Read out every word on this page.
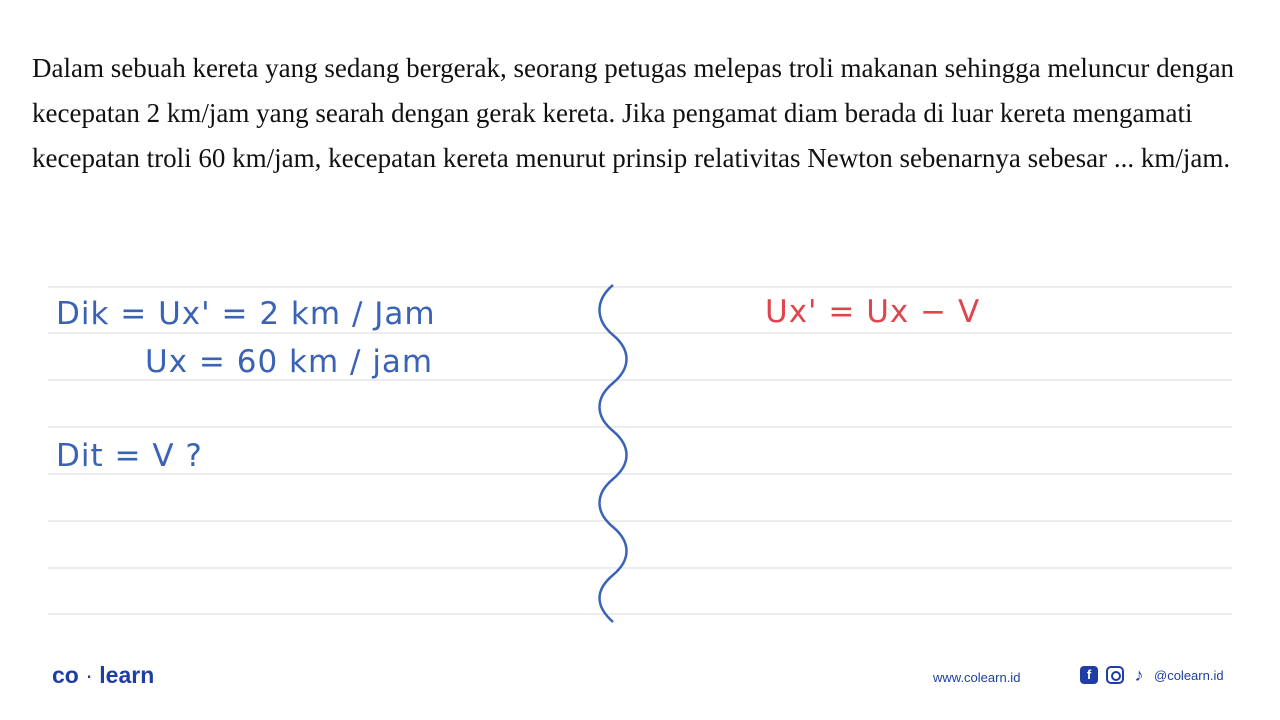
Dalam sebuah kereta yang sedang bergerak, seorang petugas melepas troli makanan sehingga meluncur dengan kecepatan 2 km/jam yang searah dengan gerak kereta. Jika pengamat diam berada di luar kereta mengamati kecepatan troli 60 km/jam, kecepatan kereta menurut prinsip relativitas Newton sebenarnya sebesar ... km/jam.

Dik = Ux' = 2 km / Jam
Ux = 60 km / jam
Dit = V ?
Ux' = Ux − V
co · learn	www.colearn.id	f	♪ @colearn.id
